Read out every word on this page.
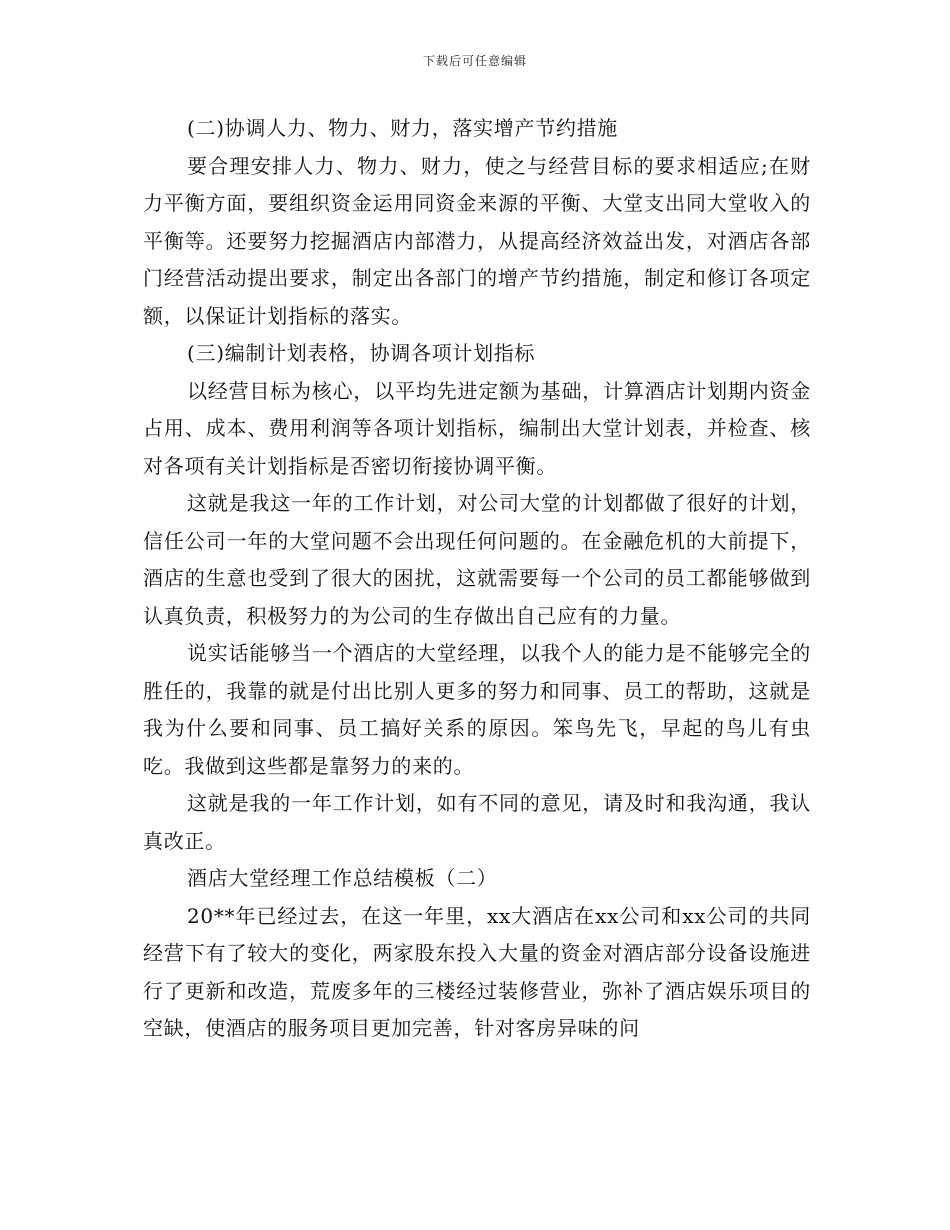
下载后可任意编辑

(二)协调人力、物力、财力，落实增产节约措施

要合理安排人力、物力、财力，使之与经营目标的要求相适应;在财力平衡方面，要组织资金运用同资金来源的平衡、大堂支出同大堂收入的平衡等。还要努力挖掘酒店内部潜力，从提高经济效益出发，对酒店各部门经营活动提出要求，制定出各部门的增产节约措施，制定和修订各项定额，以保证计划指标的落实。

(三)编制计划表格，协调各项计划指标

以经营目标为核心，以平均先进定额为基础，计算酒店计划期内资金占用、成本、费用利润等各项计划指标，编制出大堂计划表，并检查、核对各项有关计划指标是否密切衔接协调平衡。

这就是我这一年的工作计划，对公司大堂的计划都做了很好的计划，信任公司一年的大堂问题不会出现任何问题的。在金融危机的大前提下，酒店的生意也受到了很大的困扰，这就需要每一个公司的员工都能够做到认真负责，积极努力的为公司的生存做出自己应有的力量。

说实话能够当一个酒店的大堂经理，以我个人的能力是不能够完全的胜任的，我靠的就是付出比别人更多的努力和同事、员工的帮助，这就是我为什么要和同事、员工搞好关系的原因。笨鸟先飞，早起的鸟儿有虫吃。我做到这些都是靠努力的来的。

这就是我的一年工作计划，如有不同的意见，请及时和我沟通，我认真改正。

酒店大堂经理工作总结模板（二）

20**年已经过去，在这一年里，xx大酒店在xx公司和xx公司的共同经营下有了较大的变化，两家股东投入大量的资金对酒店部分设备设施进行了更新和改造，荒废多年的三楼经过装修营业，弥补了酒店娱乐项目的空缺，使酒店的服务项目更加完善，针对客房异味的问
